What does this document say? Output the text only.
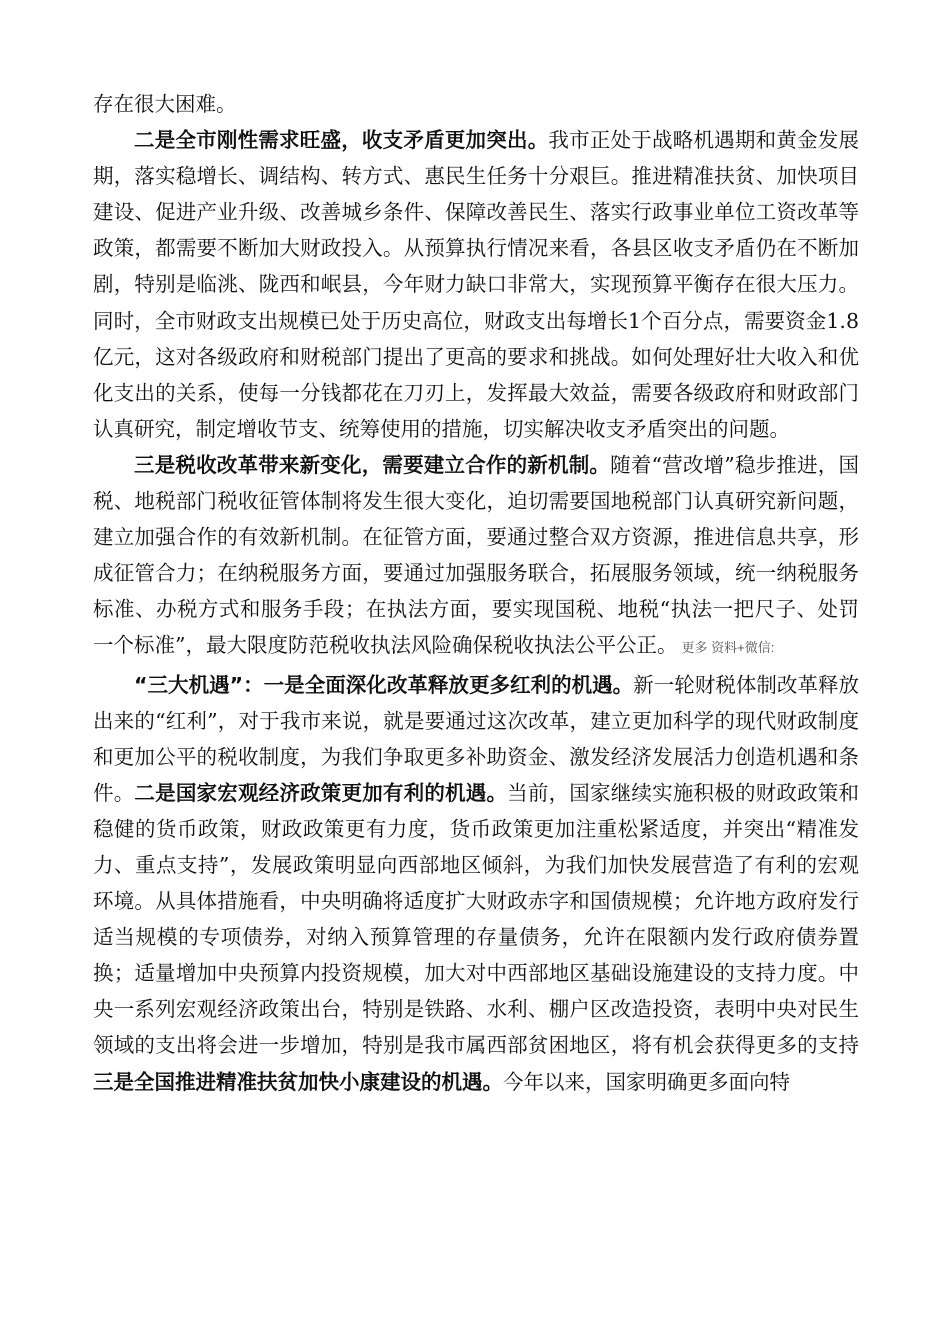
存在很大困难。

二是全市刚性需求旺盛，收支矛盾更加突出。我市正处于战略机遇期和黄金发展期，落实稳增长、调结构、转方式、惠民生任务十分艰巨。推进精准扶贫、加快项目建设、促进产业升级、改善城乡条件、保障改善民生、落实行政事业单位工资改革等政策，都需要不断加大财政投入。从预算执行情况来看，各县区收支矛盾仍在不断加剧，特别是临洮、陇西和岷县，今年财力缺口非常大，实现预算平衡存在很大压力。同时，全市财政支出规模已处于历史高位，财政支出每增长1个百分点，需要资金1.8亿元，这对各级政府和财税部门提出了更高的要求和挑战。如何处理好壮大收入和优化支出的关系，使每一分钱都花在刀刃上，发挥最大效益，需要各级政府和财政部门认真研究，制定增收节支、统筹使用的措施，切实解决收支矛盾突出的问题。

三是税收改革带来新变化，需要建立合作的新机制。随着“营改增”稳步推进，国税、地税部门税收征管体制将发生很大变化，迫切需要国地税部门认真研究新问题，建立加强合作的有效新机制。在征管方面，要通过整合双方资源，推进信息共享，形成征管合力；在纳税服务方面，要通过加强服务联合，拓展服务领域，统一纳税服务标准、办税方式和服务手段；在执法方面，要实现国税、地税“执法一把尺子、处罚一个标准”，最大限度防范税收执法风险确保税收执法公平公正。 更多 资料+微信:

“三大机遇”：一是全面深化改革释放更多红利的机遇。新一轮财税体制改革释放出来的“红利”，对于我市来说，就是要通过这次改革，建立更加科学的现代财政制度和更加公平的税收制度，为我们争取更多补助资金、激发经济发展活力创造机遇和条件。二是国家宏观经济政策更加有利的机遇。当前，国家继续实施积极的财政政策和稳健的货币政策，财政政策更有力度，货币政策更加注重松紧适度，并突出“精准发力、重点支持”，发展政策明显向西部地区倾斜，为我们加快发展营造了有利的宏观环境。从具体措施看，中央明确将适度扩大财政赤字和国债规模；允许地方政府发行适当规模的专项债券，对纳入预算管理的存量债务，允许在限额内发行政府债券置换；适量增加中央预算内投资规模，加大对中西部地区基础设施建设的支持力度。中央一系列宏观经济政策出台，特别是铁路、水利、棚户区改造投资，表明中央对民生领域的支出将会进一步增加，特别是我市属西部贫困地区，将有机会获得更多的支持三是全国推进精准扶贫加快小康建设的机遇。今年以来，国家明确更多面向特
